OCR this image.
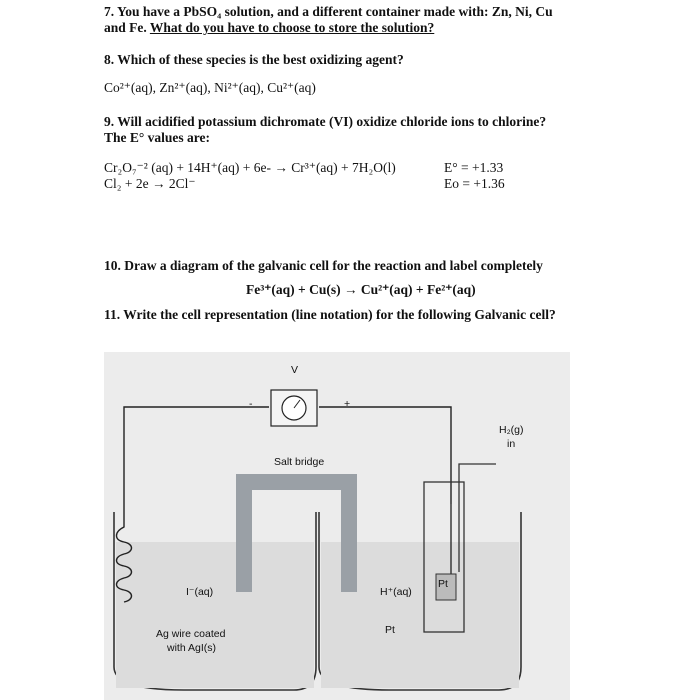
7. You have a PbSO₄ solution, and a different container made with: Zn, Ni, Cu
and Fe. What do you have to choose to store the solution?
8. Which of these species is the best oxidizing agent?
Co²⁺(aq), Zn²⁺(aq), Ni²⁺(aq), Cu²⁺(aq)
9. Will acidified potassium dichromate (VI) oxidize chloride ions to chlorine?
The E° values are:
Cr₂O₇⁻² (aq) + 14H⁺(aq) + 6e- → Cr³⁺(aq) + 7H₂O(l)	E° = +1.33
Cl₂ + 2e → 2Cl⁻	Eo = +1.36
10. Draw a diagram of the galvanic cell for the reaction and label completely
Fe³⁺(aq) + Cu(s) → Cu²⁺(aq) + Fe²⁺(aq)
11. Write the cell representation (line notation) for the following Galvanic cell?
V
-	+
H₂(g)
in
Salt bridge
I⁻(aq)	H⁺(aq)
Pt
Pt
Ag wire coated
with AgI(s)
